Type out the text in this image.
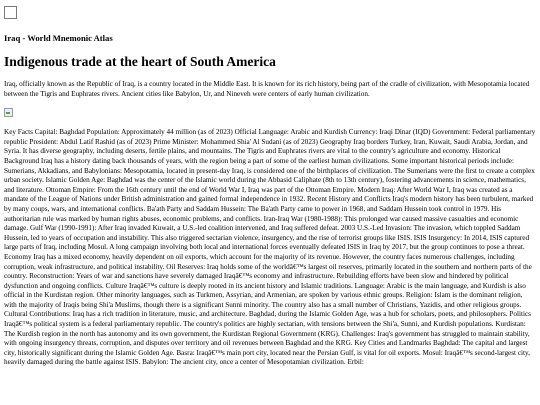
Iraq - World Mnemonic Atlas
Indigenous trade at the heart of South America

Iraq, officially known as the Republic of Iraq, is a country located in the Middle East. It is known for its rich history, being part of the cradle of civilization, with Mesopotamia located between the Tigris and Euphrates rivers. Ancient cities like Babylon, Ur, and Nineveh were centers of early human civilization.

Key Facts Capital: Baghdad Population: Approximately 44 million (as of 2023) Official Language: Arabic and Kurdish Currency: Iraqi Dinar (IQD) Government: Federal parliamentary republic President: Abdul Latif Rashid (as of 2023) Prime Minister: Mohammed Shia' Al Sudani (as of 2023) Geography Iraq borders Turkey, Iran, Kuwait, Saudi Arabia, Jordan, and Syria. It has diverse geography, including deserts, fertile plains, and mountains. The Tigris and Euphrates rivers are vital to the country's agriculture and economy. Historical Background Iraq has a history dating back thousands of years, with the region being a part of some of the earliest human civilizations. Some important historical periods include: Sumerians, Akkadians, and Babylonians: Mesopotamia, located in present-day Iraq, is considered one of the birthplaces of civilization. The Sumerians were the first to create a complex urban society. Islamic Golden Age: Baghdad was the center of the Islamic world during the Abbasid Caliphate (8th to 13th century), fostering advancements in science, mathematics, and literature. Ottoman Empire: From the 16th century until the end of World War I, Iraq was part of the Ottoman Empire. Modern Iraq: After World War I, Iraq was created as a mandate of the League of Nations under British administration and gained formal independence in 1932. Recent History and Conflicts Iraq's modern history has been turbulent, marked by many coups, wars, and international conflicts. Ba'ath Party and Saddam Hussein: The Ba'ath Party came to power in 1968, and Saddam Hussein took control in 1979. His authoritarian rule was marked by human rights abuses, economic problems, and conflicts. Iran-Iraq War (1980-1988): This prolonged war caused massive casualties and economic damage. Gulf War (1990-1991): After Iraq invaded Kuwait, a U.S.-led coalition intervened, and Iraq suffered defeat. 2003 U.S.-Led Invasion: The invasion, which toppled Saddam Hussein, led to years of occupation and instability. This also triggered sectarian violence, insurgency, and the rise of terrorist groups like ISIS. ISIS Insurgency: In 2014, ISIS captured large parts of Iraq, including Mosul. A long campaign involving both local and international forces eventually defeated ISIS in Iraq by 2017, but the group continues to pose a threat. Economy Iraq has a mixed economy, heavily dependent on oil exports, which account for the majority of its revenue. However, the country faces numerous challenges, including corruption, weak infrastructure, and political instability. Oil Reserves: Iraq holds some of the worldâ€™s largest oil reserves, primarily located in the southern and northern parts of the country. Reconstruction: Years of war and sanctions have severely damaged Iraqâ€™s economy and infrastructure. Rebuilding efforts have been slow and hindered by political dysfunction and ongoing conflicts. Culture Iraqâ€™s culture is deeply rooted in its ancient history and Islamic traditions. Language: Arabic is the main language, and Kurdish is also official in the Kurdistan region. Other minority languages, such as Turkmen, Assyrian, and Armenian, are spoken by various ethnic groups. Religion: Islam is the dominant religion, with the majority of Iraqis being Shi'a Muslims, though there is a significant Sunni minority. The country also has a small number of Christians, Yazidis, and other religious groups. Cultural Contributions: Iraq has a rich tradition in literature, music, and architecture. Baghdad, during the Islamic Golden Age, was a hub for scholars, poets, and philosophers. Politics Iraqâ€™s political system is a federal parliamentary republic. The country's politics are highly sectarian, with tensions between the Shi'a, Sunni, and Kurdish populations. Kurdistan: The Kurdish region in the north has autonomy and its own government, the Kurdistan Regional Government (KRG). Challenges: Iraq's government has struggled to maintain stability, with ongoing insurgency threats, corruption, and disputes over territory and oil revenues between Baghdad and the KRG. Key Cities and Landmarks Baghdad: The capital and largest city, historically significant during the Islamic Golden Age. Basra: Iraqâ€™s main port city, located near the Persian Gulf, is vital for oil exports. Mosul: Iraqâ€™s second-largest city, heavily damaged during the battle against ISIS. Babylon: The ancient city, once a center of Mesopotamian civilization. Erbil:
